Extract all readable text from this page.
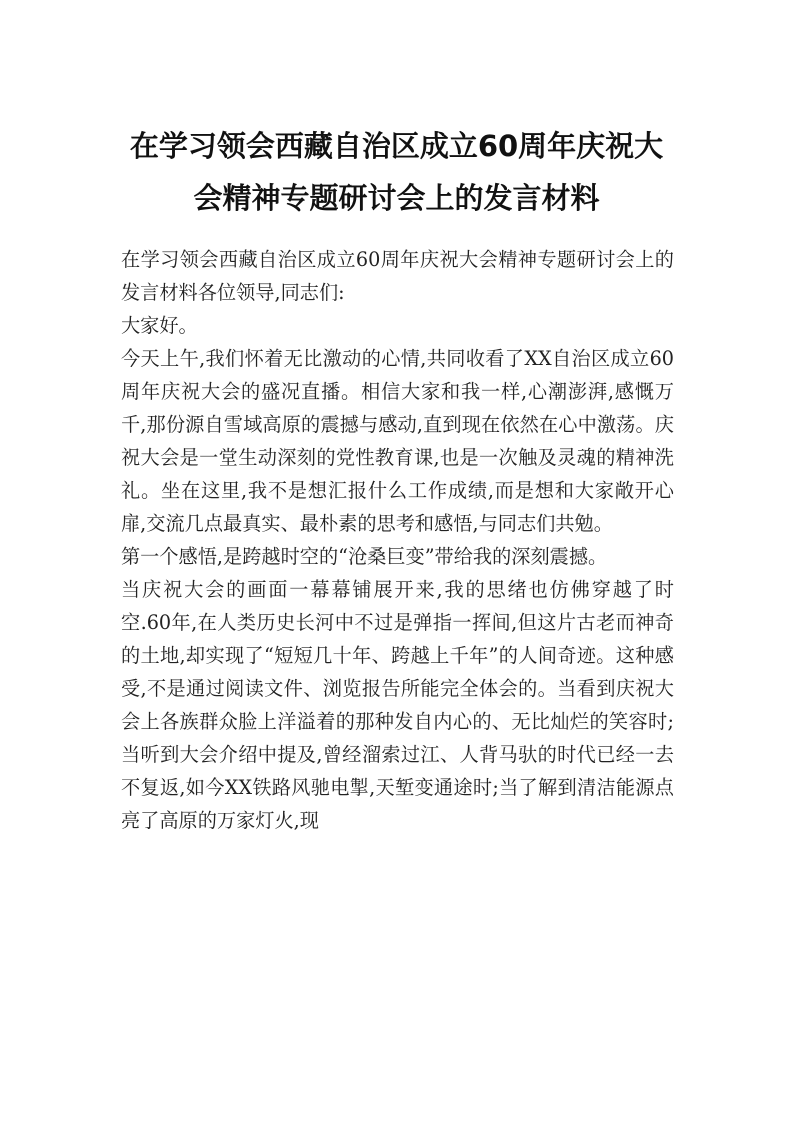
在学习领会西藏自治区成立60周年庆祝大
会精神专题研讨会上的发言材料

在学习领会西藏自治区成立60周年庆祝大会精神专题研讨会上的发言材料各位领导,同志们:

大家好。

今天上午,我们怀着无比激动的心情,共同收看了XX自治区成立60周年庆祝大会的盛况直播。相信大家和我一样,心潮澎湃,感慨万千,那份源自雪域高原的震撼与感动,直到现在依然在心中激荡。庆祝大会是一堂生动深刻的党性教育课,也是一次触及灵魂的精神洗礼。坐在这里,我不是想汇报什么工作成绩,而是想和大家敞开心扉,交流几点最真实、最朴素的思考和感悟,与同志们共勉。

第一个感悟,是跨越时空的“沧桑巨变”带给我的深刻震撼。

当庆祝大会的画面一幕幕铺展开来,我的思绪也仿佛穿越了时空.60年,在人类历史长河中不过是弹指一挥间,但这片古老而神奇的土地,却实现了“短短几十年、跨越上千年”的人间奇迹。这种感受,不是通过阅读文件、浏览报告所能完全体会的。当看到庆祝大会上各族群众脸上洋溢着的那种发自内心的、无比灿烂的笑容时;当听到大会介绍中提及,曾经溜索过江、人背马驮的时代已经一去不复返,如今XX铁路风驰电掣,天堑变通途时;当了解到清洁能源点亮了高原的万家灯火,现
